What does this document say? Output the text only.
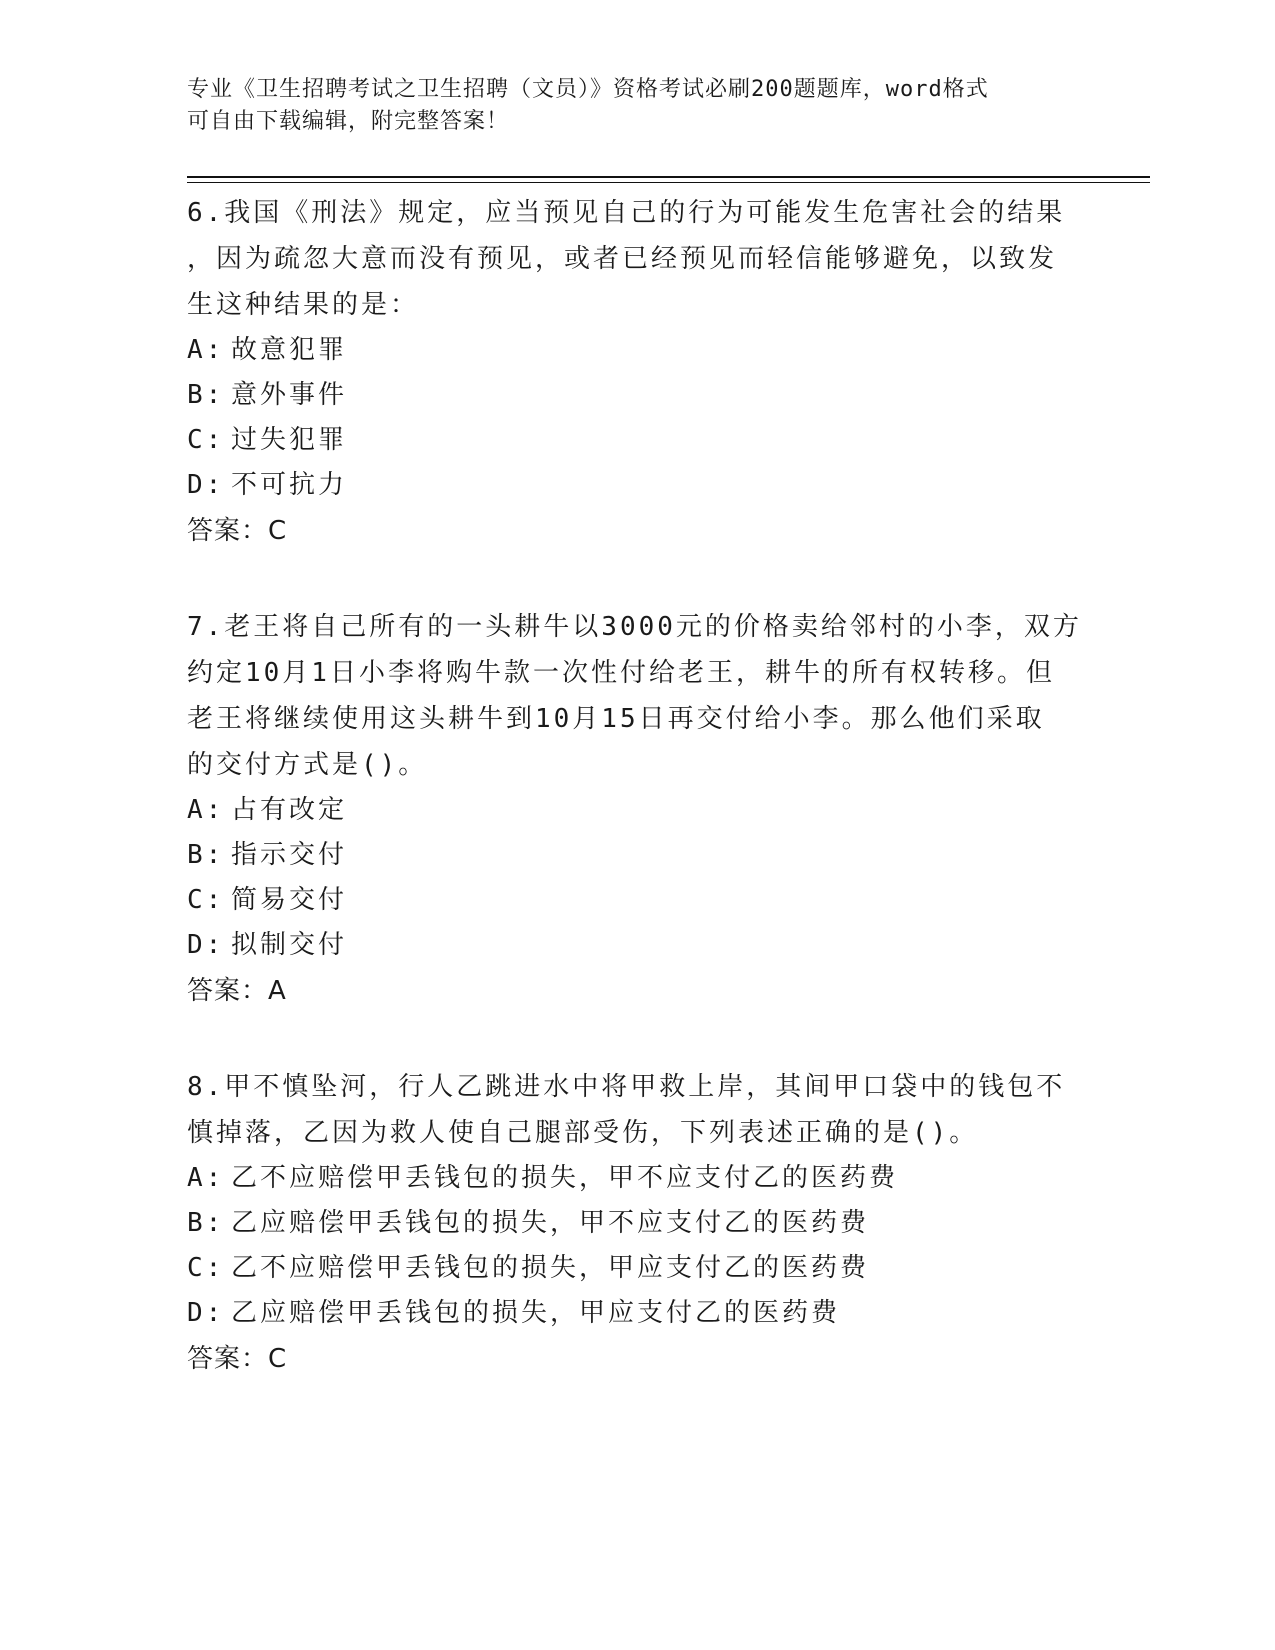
专业《卫生招聘考试之卫生招聘（文员）》资格考试必刷200题题库，word格式
可自由下载编辑，附完整答案！
6.我国《刑法》规定，应当预见自己的行为可能发生危害社会的结果
，因为疏忽大意而没有预见，或者已经预见而轻信能够避免，以致发
生这种结果的是：
A: 故意犯罪
B: 意外事件
C: 过失犯罪
D: 不可抗力
答案：C
7.老王将自己所有的一头耕牛以3000元的价格卖给邻村的小李，双方
约定10月1日小李将购牛款一次性付给老王，耕牛的所有权转移。但
老王将继续使用这头耕牛到10月15日再交付给小李。那么他们采取
的交付方式是()。
A: 占有改定
B: 指示交付
C: 简易交付
D: 拟制交付
答案：A
8.甲不慎坠河，行人乙跳进水中将甲救上岸，其间甲口袋中的钱包不
慎掉落，乙因为救人使自己腿部受伤，下列表述正确的是()。
A: 乙不应赔偿甲丢钱包的损失，甲不应支付乙的医药费
B: 乙应赔偿甲丢钱包的损失，甲不应支付乙的医药费
C: 乙不应赔偿甲丢钱包的损失，甲应支付乙的医药费
D: 乙应赔偿甲丢钱包的损失，甲应支付乙的医药费
答案：C
